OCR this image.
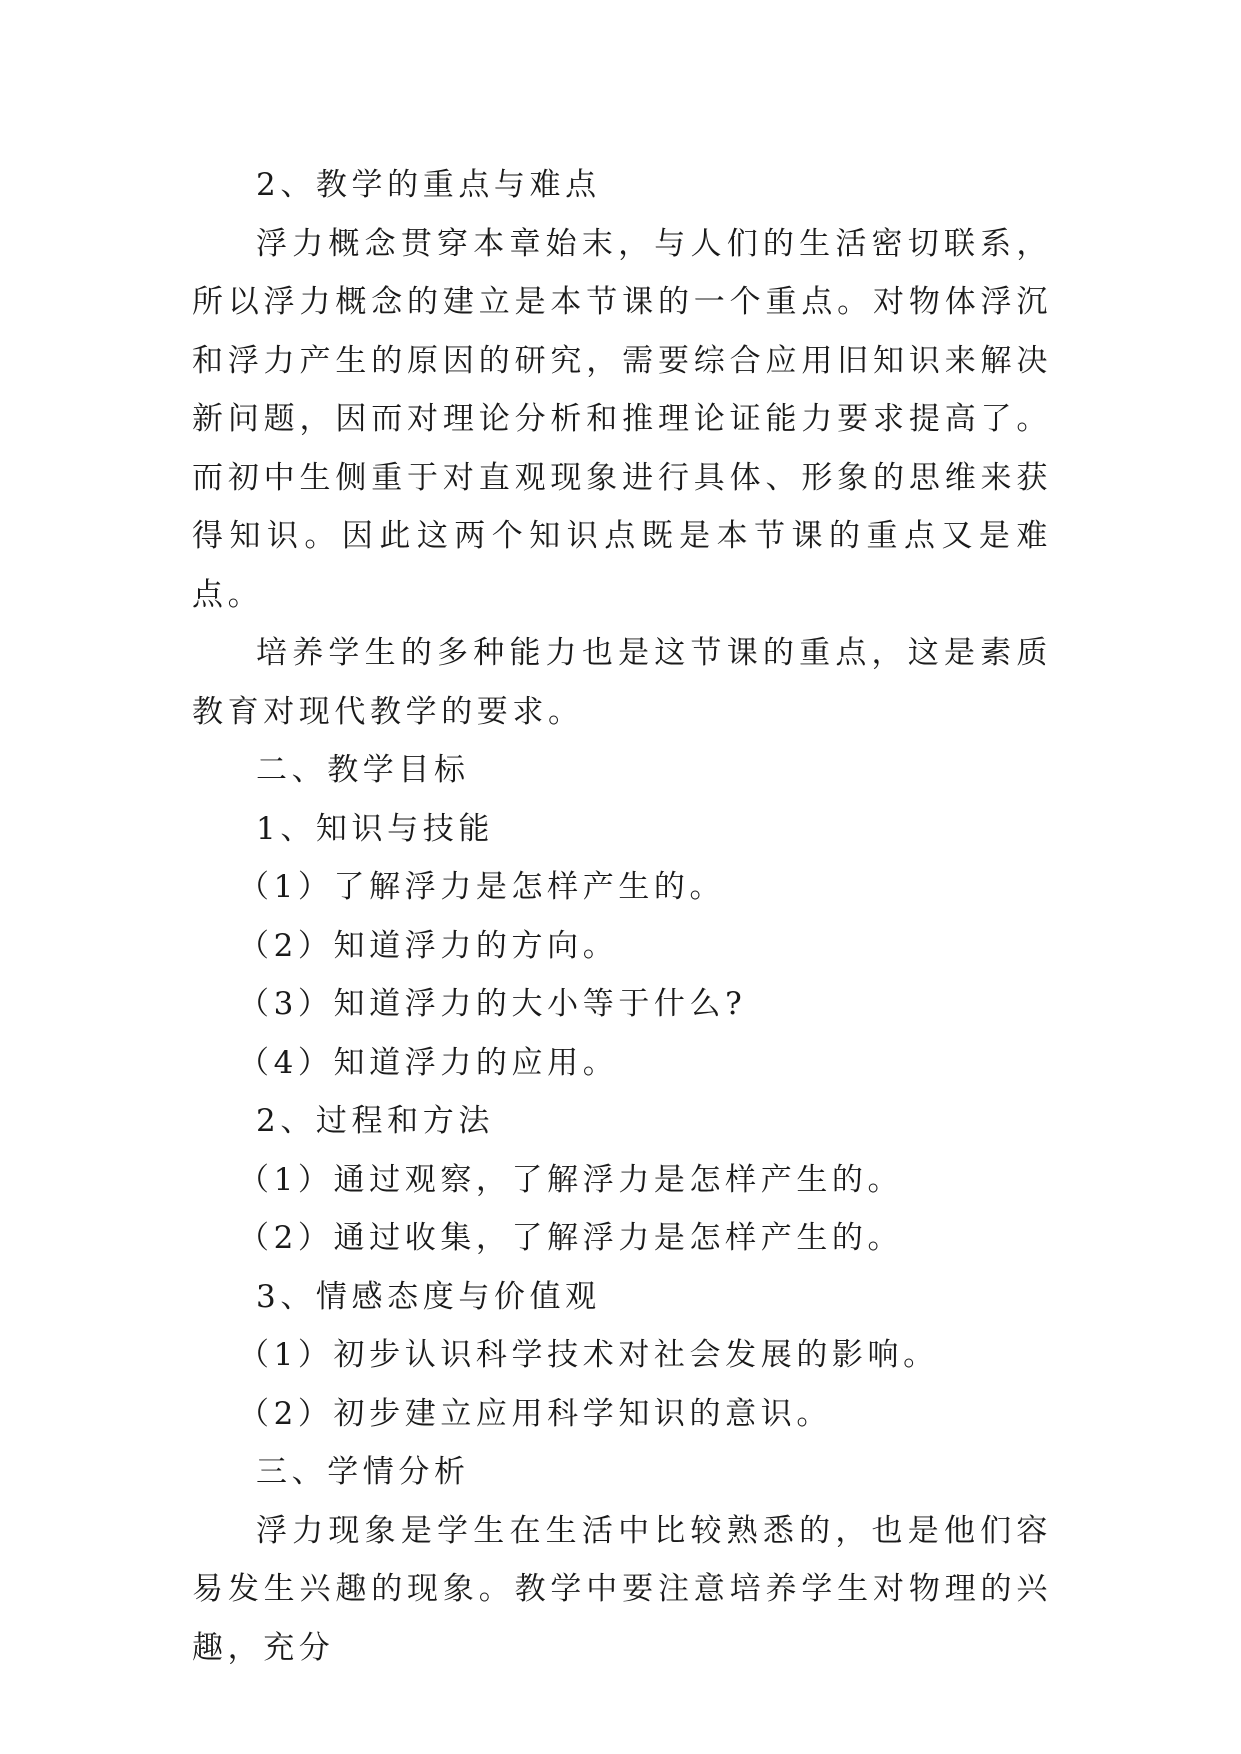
2、教学的重点与难点

浮力概念贯穿本章始末，与人们的生活密切联系，所以浮力概念的建立是本节课的一个重点。对物体浮沉和浮力产生的原因的研究，需要综合应用旧知识来解决新问题，因而对理论分析和推理论证能力要求提高了。而初中生侧重于对直观现象进行具体、形象的思维来获得知识。因此这两个知识点既是本节课的重点又是难点。

培养学生的多种能力也是这节课的重点，这是素质教育对现代教学的要求。

二、教学目标

1、知识与技能

（1）了解浮力是怎样产生的。

（2）知道浮力的方向。

（3）知道浮力的大小等于什么?

（4）知道浮力的应用。

2、过程和方法

（1）通过观察，了解浮力是怎样产生的。

（2）通过收集，了解浮力是怎样产生的。

3、情感态度与价值观

（1）初步认识科学技术对社会发展的影响。

（2）初步建立应用科学知识的意识。

三、学情分析

浮力现象是学生在生活中比较熟悉的，也是他们容易发生兴趣的现象。教学中要注意培养学生对物理的兴趣，充分
